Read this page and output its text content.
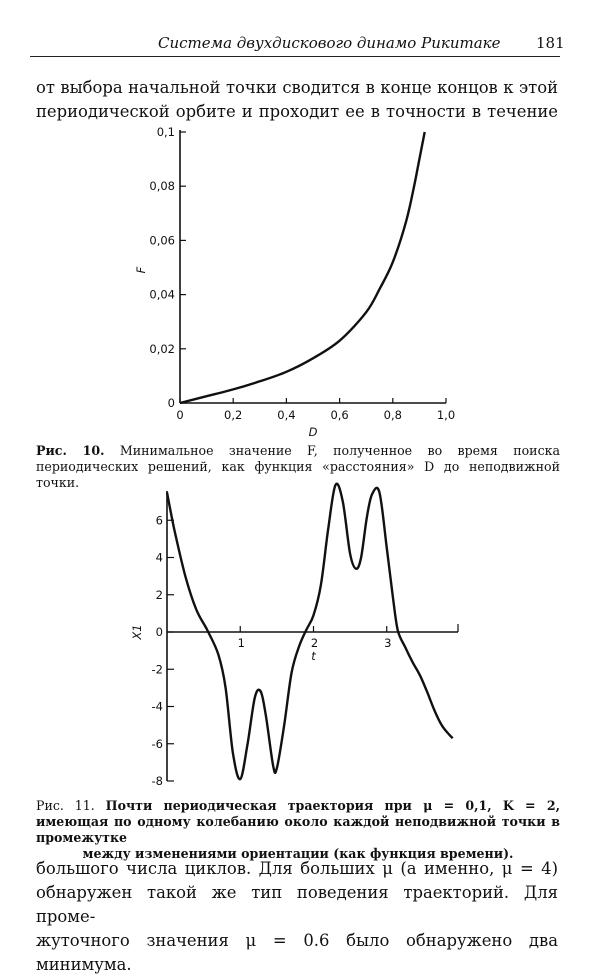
Система двухдискового динамо Рикитаке 181
от выбора начальной точки сводится в конце концов к этой
периодической орбите и проходит ее в точности в течение
0	0,2	0,4	0,6	0,8	1,0
0
0,02
0,04
0,06
0,08
0,1
D
F
1	2	3
-8
-6
-4
-2
0
2
4
6
t
X1
Рис. 10. Минимальное значение F, полученное во время поиска периодических решений, как функция «расстояния» D до неподвижной точки.
Рис. 11. Почти периодическая траектория при μ = 0,1, K = 2, имеющая по одному колебанию около каждой неподвижной точки в промежутке
между изменениями ориентации (как функция времени).
большого числа циклов. Для больших μ (а именно, μ = 4)
обнаружен такой же тип поведения траекторий. Для проме-
жуточного значения μ = 0.6 было обнаружено два минимума.
